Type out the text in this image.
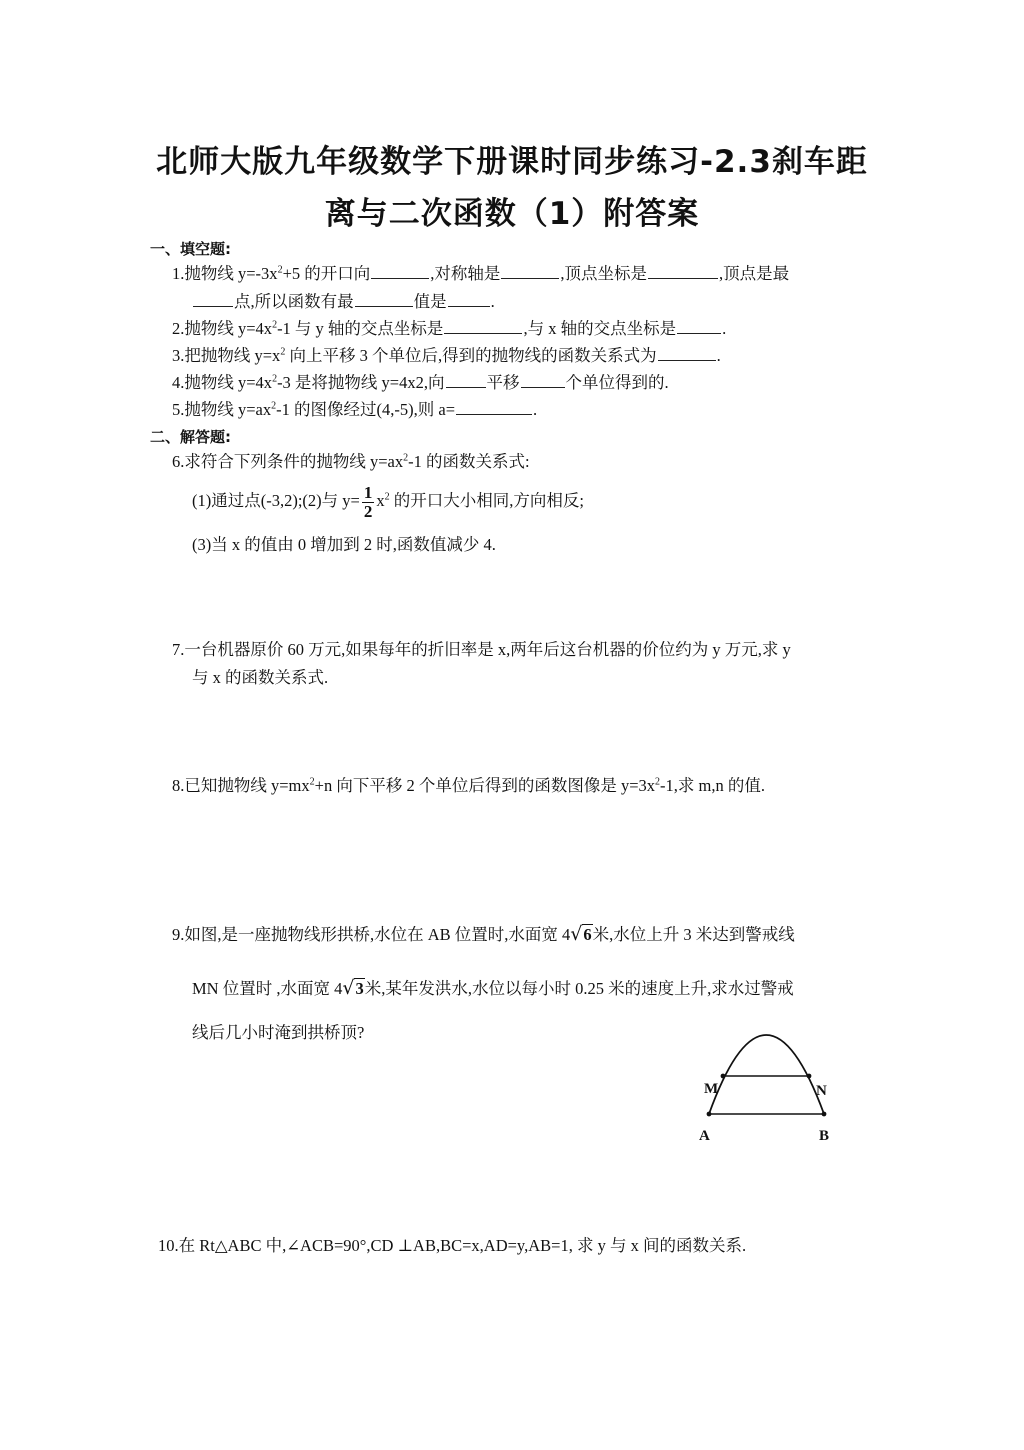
北师大版九年级数学下册课时同步练习-2.3刹车距
离与二次函数（1）附答案
一、填空题:
1.抛物线 $y=-3x^2+5$ 的开口向	,对称轴是	,顶点坐标是	,顶点是最
点,所以函数有最	值是	.
2.抛物线 $y=4x^2-1$ 与 y 轴的交点坐标是	,与 x 轴的交点坐标是	.
3.把抛物线 $y=x^2$ 向上平移 3 个单位后,得到的抛物线的函数关系式为	.
4.抛物线 $y=4x^2-3$ 是将抛物线 y=4x2,向	平移	个单位得到的.
5.抛物线 $y=ax^2-1$ 的图像经过(4,-5),则 a=	.
二、解答题:
6.求符合下列条件的抛物线 $y=ax^2-1$ 的函数关系式:
(1)通过点(-3,2);(2)与 $y= \frac{1}{2} x^2$ 的开口大小相同,方向相反;
(3)当 x 的值由 0 增加到 2 时,函数值减少 4.
7.一台机器原价 60 万元,如果每年的折旧率是 x,两年后这台机器的价位约为 y 万元,求 y
与 x 的函数关系式.
8.已知抛物线 $y=mx^2+n$ 向下平移 2 个单位后得到的函数图像是 $y=3x^2-1$,求 m,n 的值.
9.如图,是一座抛物线形拱桥,水位在 AB 位置时,水面宽 4√6米,水位上升 3 米达到警戒线
MN 位置时 ,水面宽 4√3米,某年发洪水,水位以每小时 0.25 米的速度上升,求水过警戒
线后几小时淹到拱桥顶?
M	N
A	B
10.在 Rt△ABC 中,∠ACB=90°,CD ⊥AB,BC=x,AD=y,AB=1, 求 y 与 x 间的函数关系.
